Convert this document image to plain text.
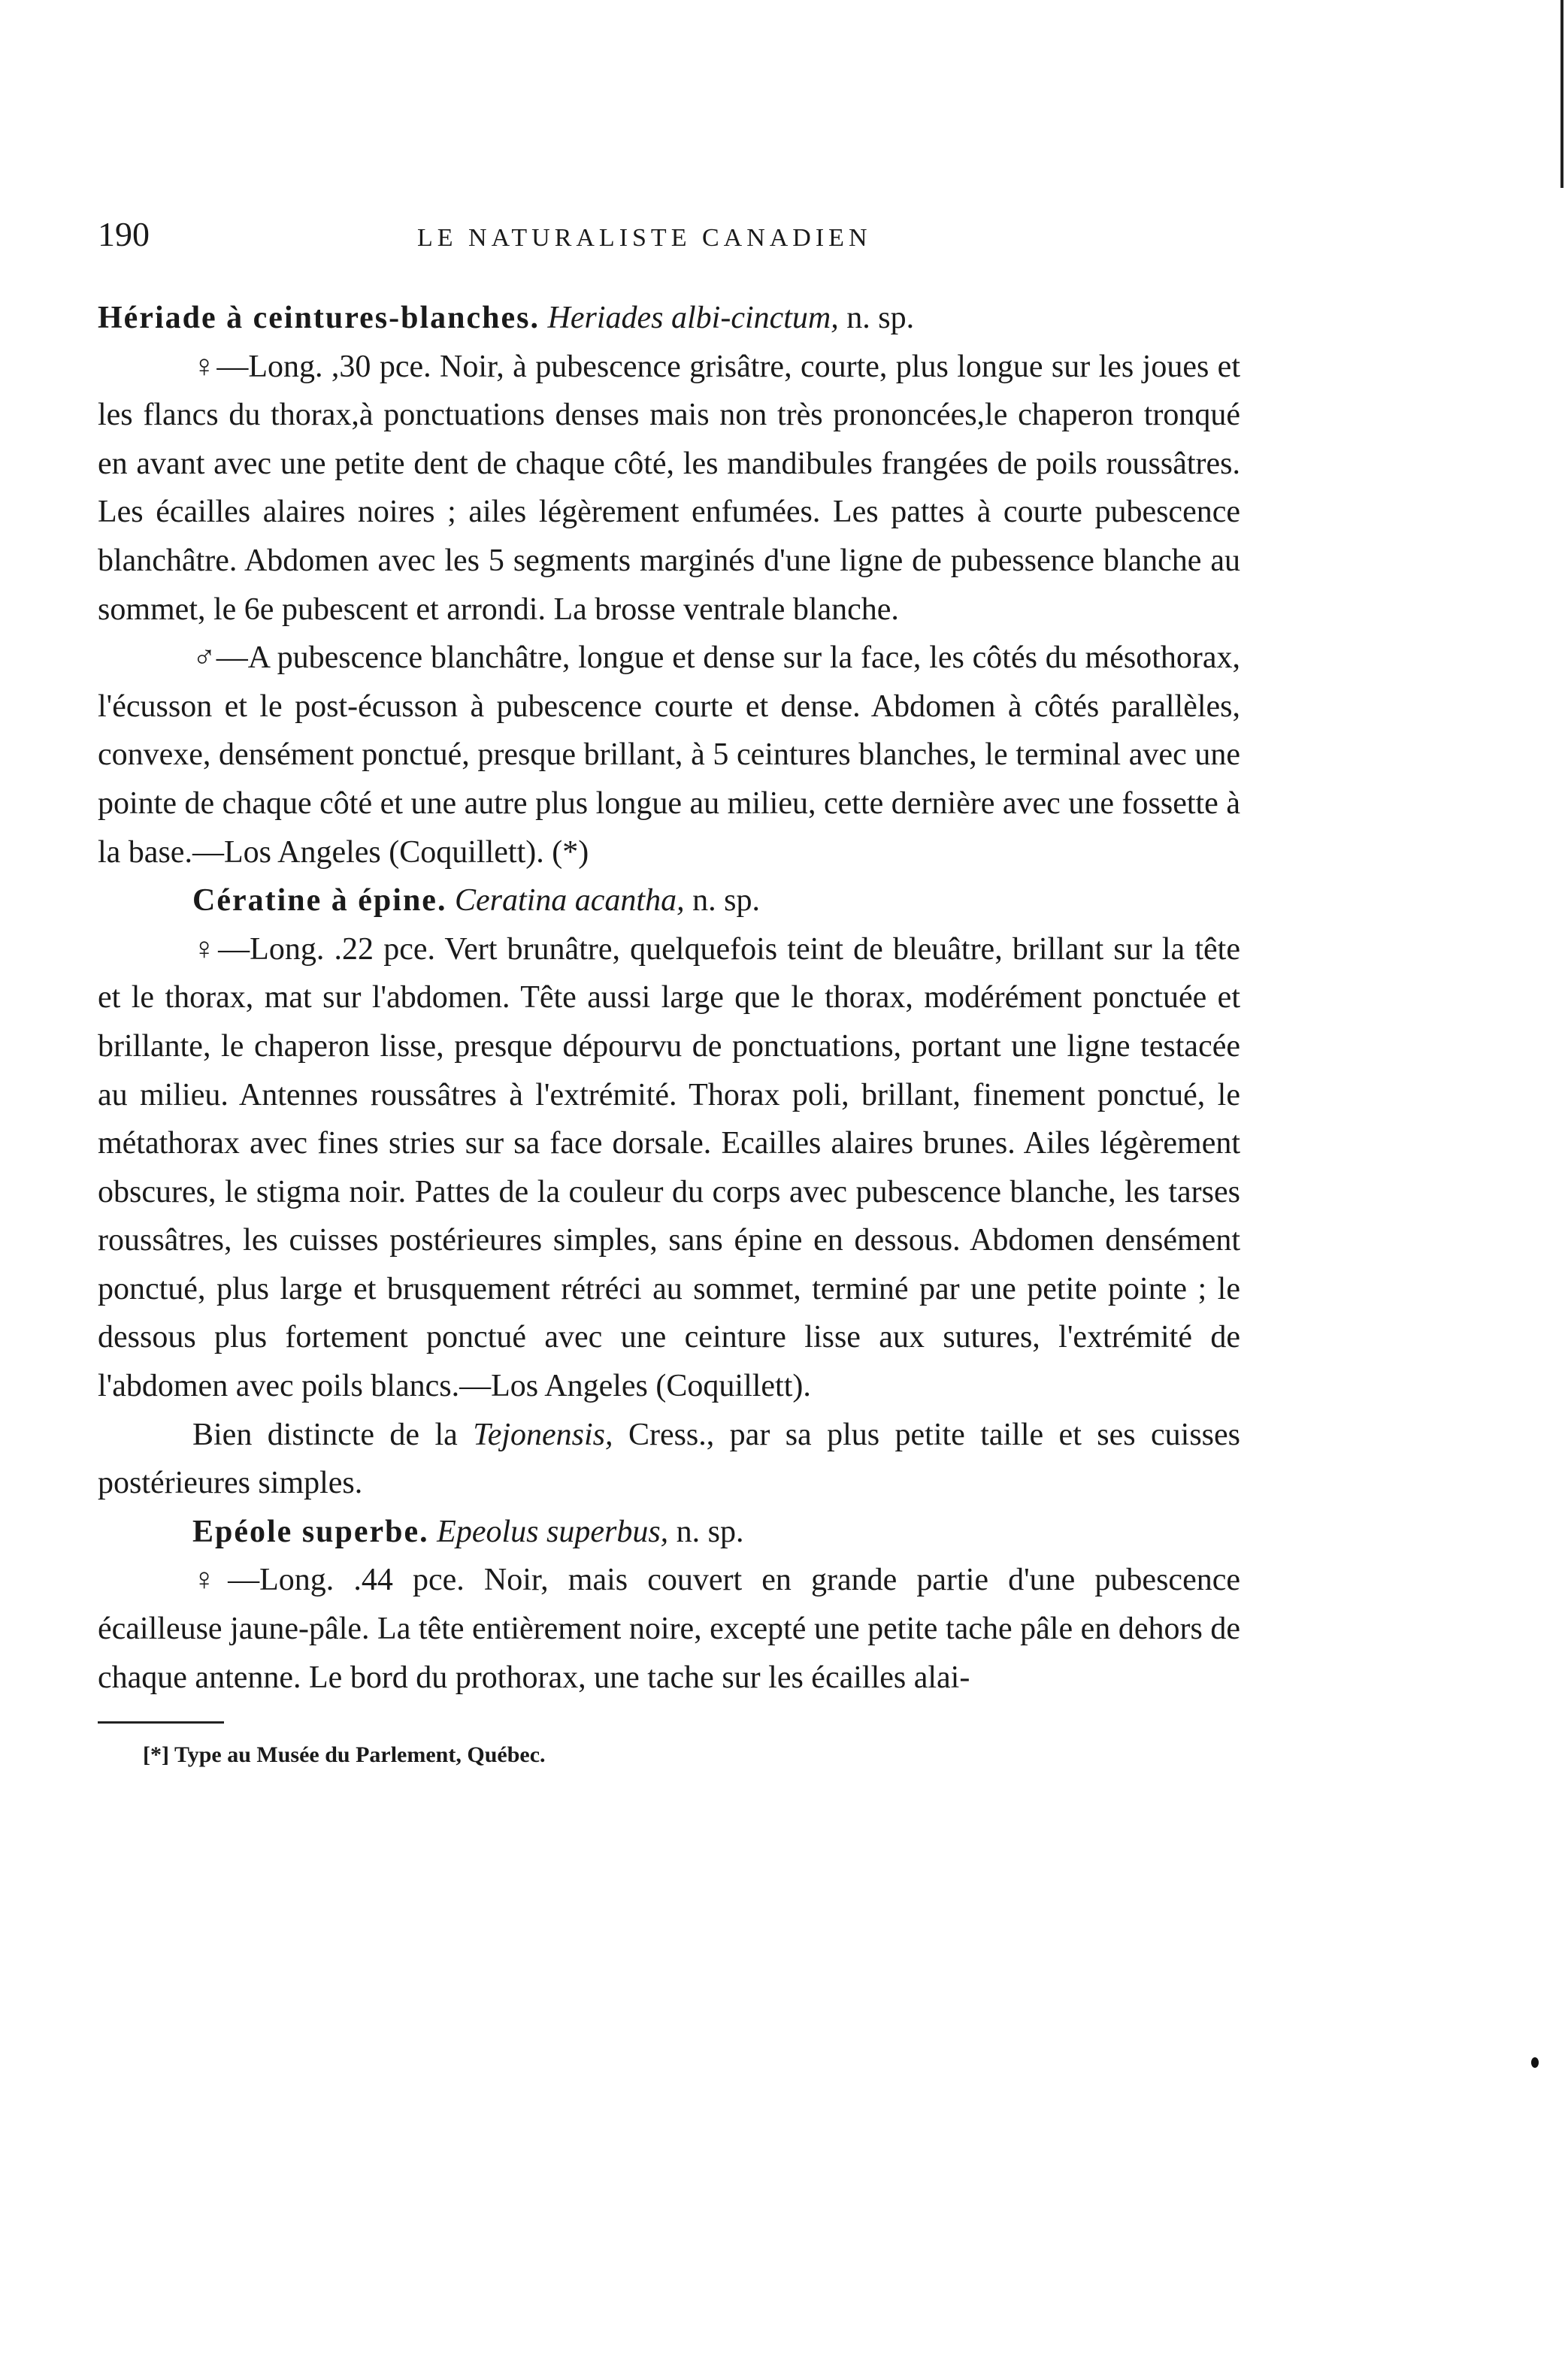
190	LE NATURALISTE CANADIEN

Hériade à ceintures-blanches. Heriades albi-cinctum, n. sp.

♀—Long. ,30 pce. Noir, à pubescence grisâtre, courte, plus longue sur les joues et les flancs du thorax,à ponctuations denses mais non très prononcées,le chaperon tronqué en avant avec une petite dent de chaque côté, les mandibules frangées de poils roussâtres. Les écailles alaires noires ; ailes légèrement enfumées. Les pattes à courte pubescence blanchâtre. Abdomen avec les 5 segments marginés d'une ligne de pubessence blanche au sommet, le 6e pubescent et arrondi. La brosse ventrale blanche.

♂—A pubescence blanchâtre, longue et dense sur la face, les côtés du mésothorax, l'écusson et le post-écusson à pubescence courte et dense. Abdomen à côtés parallèles, convexe, densément ponctué, presque brillant, à 5 ceintures blanches, le terminal avec une pointe de chaque côté et une autre plus longue au milieu, cette dernière avec une fossette à la base.—Los Angeles (Coquillett). (*)

Cératine à épine. Ceratina acantha, n. sp.

♀—Long. .22 pce. Vert brunâtre, quelquefois teint de bleuâtre, brillant sur la tête et le thorax, mat sur l'abdomen. Tête aussi large que le thorax, modérément ponctuée et brillante, le chaperon lisse, presque dépourvu de ponctuations, portant une ligne testacée au milieu. Antennes roussâtres à l'extrémité. Thorax poli, brillant, finement ponctué, le métathorax avec fines stries sur sa face dorsale. Ecailles alaires brunes. Ailes légèrement obscures, le stigma noir. Pattes de la couleur du corps avec pubescence blanche, les tarses roussâtres, les cuisses postérieures simples, sans épine en dessous. Abdomen densément ponctué, plus large et brusquement rétréci au sommet, terminé par une petite pointe ; le dessous plus fortement ponctué avec une ceinture lisse aux sutures, l'extrémité de l'abdomen avec poils blancs.—Los Angeles (Coquillett).

Bien distincte de la Tejonensis, Cress., par sa plus petite taille et ses cuisses postérieures simples.

Epéole superbe. Epeolus superbus, n. sp.

♀—Long. .44 pce. Noir, mais couvert en grande partie d'une pubescence écailleuse jaune-pâle. La tête entièrement noire, excepté une petite tache pâle en dehors de chaque antenne. Le bord du prothorax, une tache sur les écailles alai-

[*] Type au Musée du Parlement, Québec.
